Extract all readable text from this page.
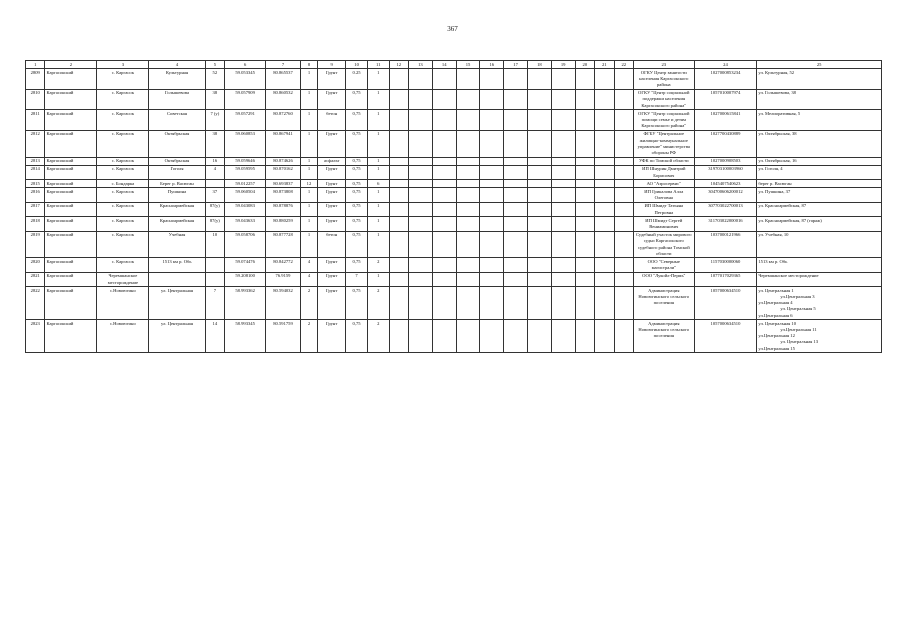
367
1	2	3	4	5	6	7	8	9	10	11	12	13	14	15	16	17	18	19	20	21	22	23	24	25
2809	Каргасокский	с. Каргасок	Культурная	52	59.053345	80.865537	1	Грунт	0.25	1												ОГКУ Центр занятости населения Каргасокского района	1027000853234	ул. Культурная, 52

2810	Каргасокский	с. Каргасок	Голышевова	38	59.057909	80.860532	1	Грунт	0,75	1												ОГКУ "Центр социальной поддержки населения Каргасокского района"	1057010007974	ул. Голышевова, 38

2811	Каргасокский	с. Каргасок	Советская	7 (у)	59.057291	80.872760	1	бетон	0,75	1												ОГКУ "Центр социальной помощи семье и детям Каргасокского района"	1027000615841	ул. Мелиоративная, 5

2812	Каргасокский	с. Каргасок	Октябрьская	38	59.060853	80.867941	1	Грунт	0,75	1												ФГБУ "Центральное жилищно-коммунальное управление" министерства обороны РФ	1027700430889	ул. Октябрьская, 38

2813	Каргасокский	с. Каргасок	Октябрьская	16	59.059646	80.874626	1	асфальт	0,75	1												УФК по Томской области	1027000908503	ул. Октябрьская, 16

2814	Каргасокский	с. Каргасок	Гоголя	4	59.059595	80.870162	1	Грунт	0,75	1												ИП Шнурин Дмитрий Борисович	319703100003960	ул. Гоголя, 4

2815	Каргасокский	с. Бондарка	Берег р. Васюган		59.012257	80.693837	12	Грунт	0,75	6												АО "Аэросервис"	1045407540623	берег р. Васюган

2816	Каргасокский	с. Каргасок	Пушкина	37	59.060504	80.873808	1	Грунт	0,75	1												ИП Грикалова Алла Олеговна	304700606200012	ул. Пушкина, 37

2817	Каргасокский	с. Каргасок	Красноармейская	87(у)	59.043083	80.878876	1	Грунт	0,75	1												ИП Шмидт Татьяна Петровна	307703022700013	ул. Красноармейская, 87

2818	Каргасокский	с. Каргасок	Красноармейская	87(у)	59.043633	80.880259	1	Грунт	0,75	1												ИП Шмидт Сергей Вениаминович	311703022000016	ул. Красноармейская, 87 (гараж)

2819	Каргасокский	с. Каргасок	Учебная	10	59.058706	80.877728	1	бетон	0,75	1												Судебный участок мирового судьи Каргасокского судебного района Томской области	1037000121966	ул. Учебная, 10

2820	Каргасокский	с. Каргасок	1513 км р. Обь		59.074476	80.842772	4	Грунт	0,75	2												ООО "Северные магистрали"	1157030000060	1513 км р. Обь

2821	Каргасокский	Черемшанское месторождение			59.208100	76.9159	4	Грунт	7	1												ООО "Лукойл-Пермь"	1077017029365	Черемшанское месторождение

2822	Каргасокский	с.Новоюгино	ул. Центральная	7	58.993362	80.594032	2	Грунт	0,75	2												Администрация Новоюгинского сельского поселения	1057000634510	ул. Центральная 1
ул.Центральная 3
ул.Центральная 4
ул. Центральная 5
ул.Центральная 6

2823	Каргасокский	с.Новоюгино	ул. Центральная	14	58.993345	80.591759	2	Грунт	0,75	2												Администрация Новоюгинского сельского поселения	1057000634510	ул. Центральная 10
ул.Центральная 11
ул.Центральная 12
ул. Центральная 13
ул.Центральная 15
